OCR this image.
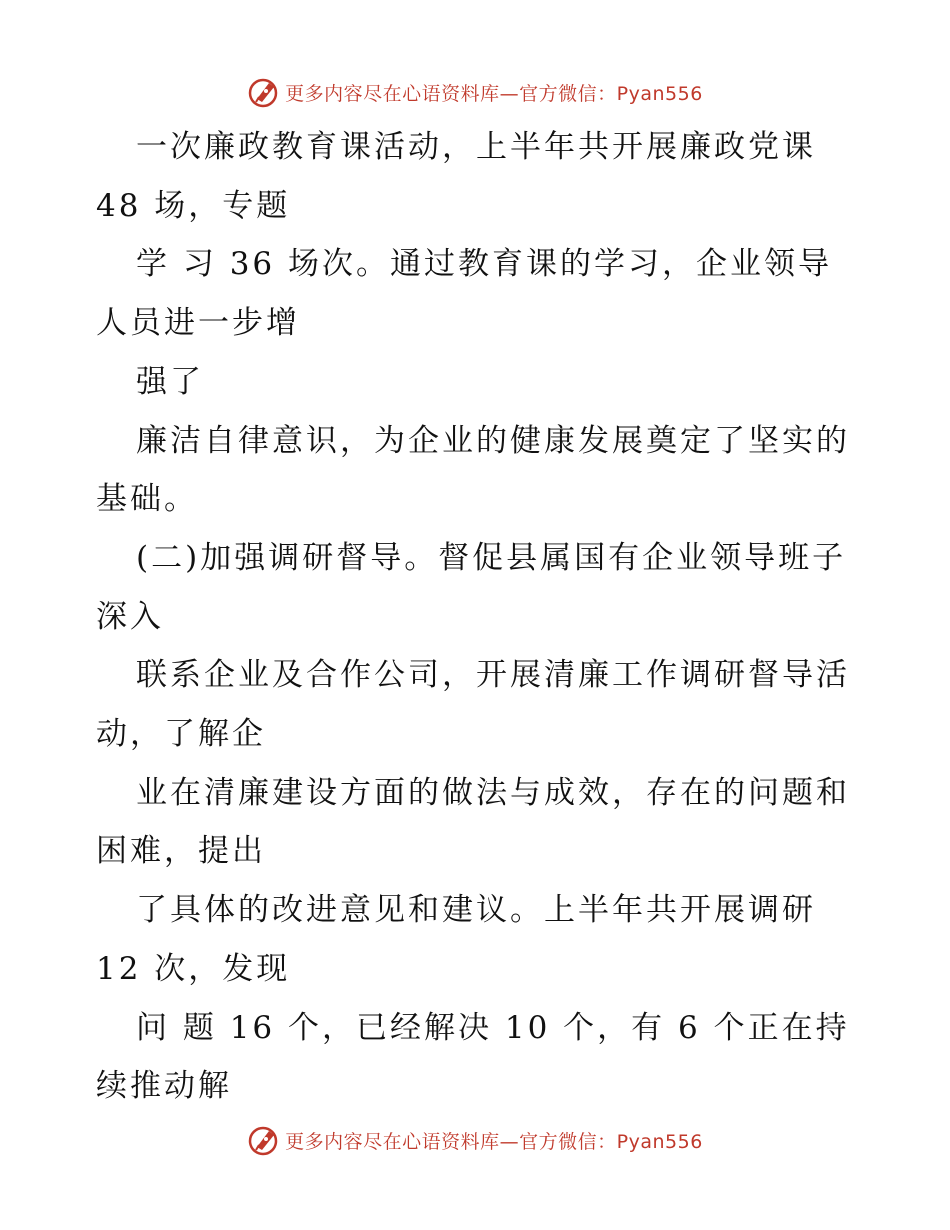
更多内容尽在心语资料库—官方微信：Pyan556
一次廉政教育课活动，上半年共开展廉政党课
48 场，专题
学 习 36 场次。通过教育课的学习，企业领导
人员进一步增
强了
廉洁自律意识，为企业的健康发展奠定了坚实的
基础。
(二)加强调研督导。督促县属国有企业领导班子
深入
联系企业及合作公司，开展清廉工作调研督导活
动，了解企
业在清廉建设方面的做法与成效，存在的问题和
困难，提出
了具体的改进意见和建议。上半年共开展调研
12 次，发现
问 题 16 个，已经解决 10 个，有 6 个正在持
续推动解
更多内容尽在心语资料库—官方微信：Pyan556
